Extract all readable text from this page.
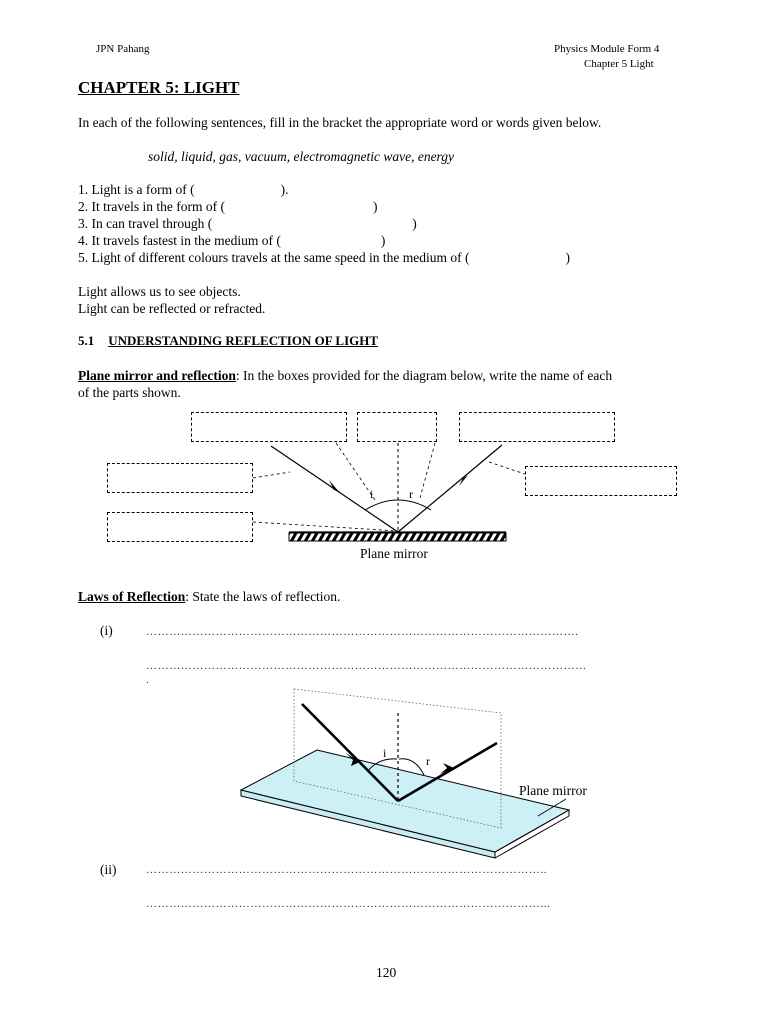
JPN Pahang	Physics Module Form 4
Chapter 5 Light
CHAPTER 5: LIGHT
In each of the following sentences, fill in the bracket the appropriate word or words given below.
solid, liquid, gas, vacuum, electromagnetic wave, energy
1. Light is a form of (	).
2. It travels in the form of (	)
3. In can travel through (	)
4. It travels fastest in the medium of (	)
5. Light of different colours travels at the same speed in the medium of (	)
Light allows us to see objects.
Light can be reflected or refracted.
5.1 UNDERSTANDING REFLECTION OF LIGHT
Plane mirror and reflection: In the boxes provided for the diagram below, write the name of each
of the parts shown.
i	r
Plane mirror
Laws of Reflection: State the laws of reflection.
(i)	………………………………………………………………………………………………….
……………………………………………………………………………………………………
.
i
r
Plane mirror
(ii)	…………………………………………………………………………………………..
…………………………………………………………………………………………...
120
